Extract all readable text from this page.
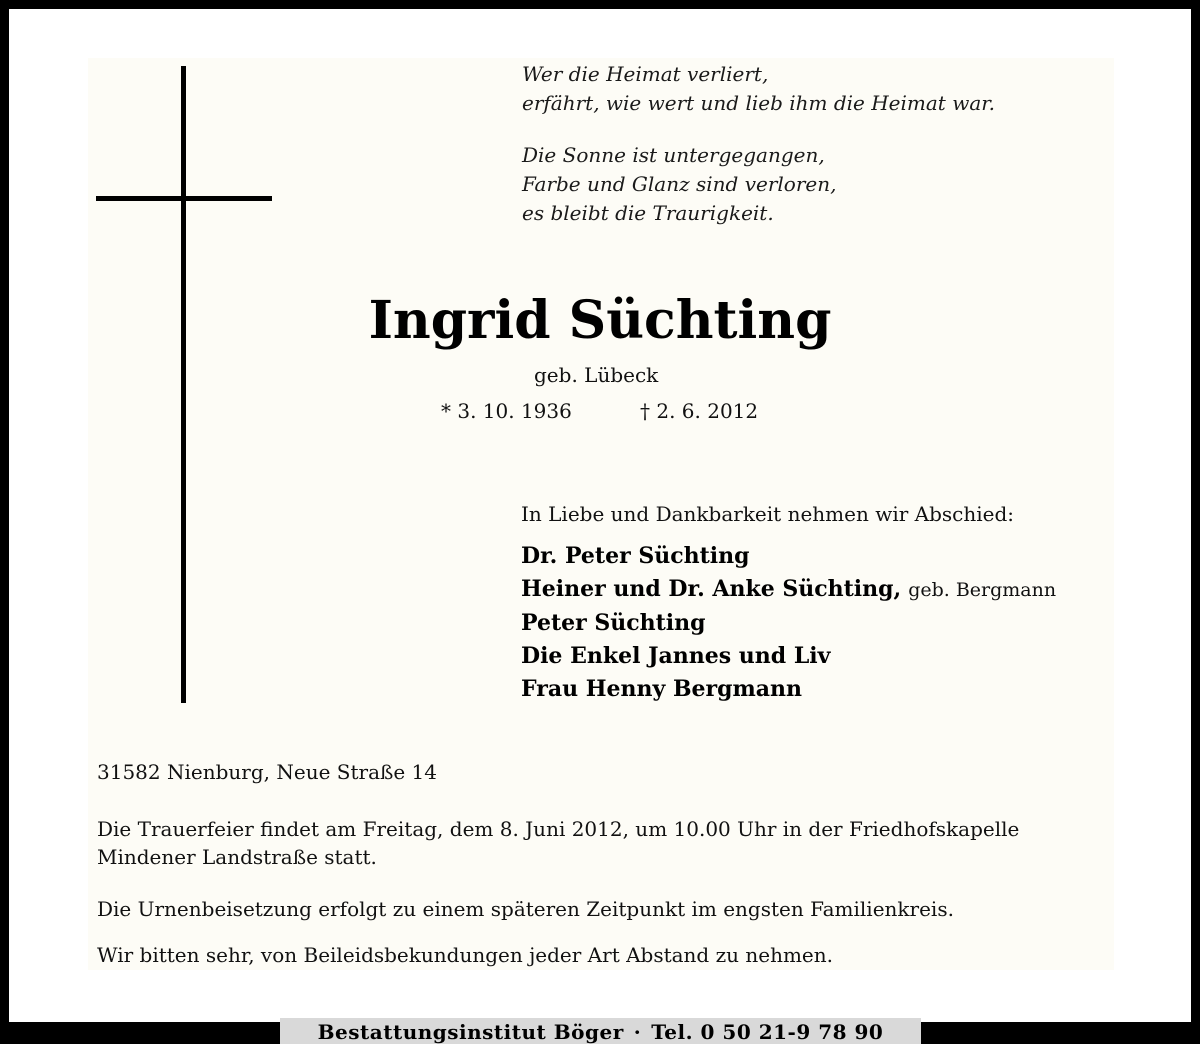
Wer die Heimat verliert,
erfährt, wie wert und lieb ihm die Heimat war.
Die Sonne ist untergegangen,
Farbe und Glanz sind verloren,
es bleibt die Traurigkeit.
Ingrid Süchting
geb. Lübeck
* 3. 10. 1936	† 2. 6. 2012
In Liebe und Dankbarkeit nehmen wir Abschied:
Dr. Peter Süchting
Heiner und Dr. Anke Süchting, geb. Bergmann
Peter Süchting
Die Enkel Jannes und Liv
Frau Henny Bergmann
31582 Nienburg, Neue Straße 14
Die Trauerfeier findet am Freitag, dem 8. Juni 2012, um 10.00 Uhr in der Friedhofskapelle
Mindener Landstraße statt.
Die Urnenbeisetzung erfolgt zu einem späteren Zeitpunkt im engsten Familienkreis.
Wir bitten sehr, von Beileidsbekundungen jeder Art Abstand zu nehmen.
Bestattungsinstitut Böger · Tel. 0 50 21-9 78 90
